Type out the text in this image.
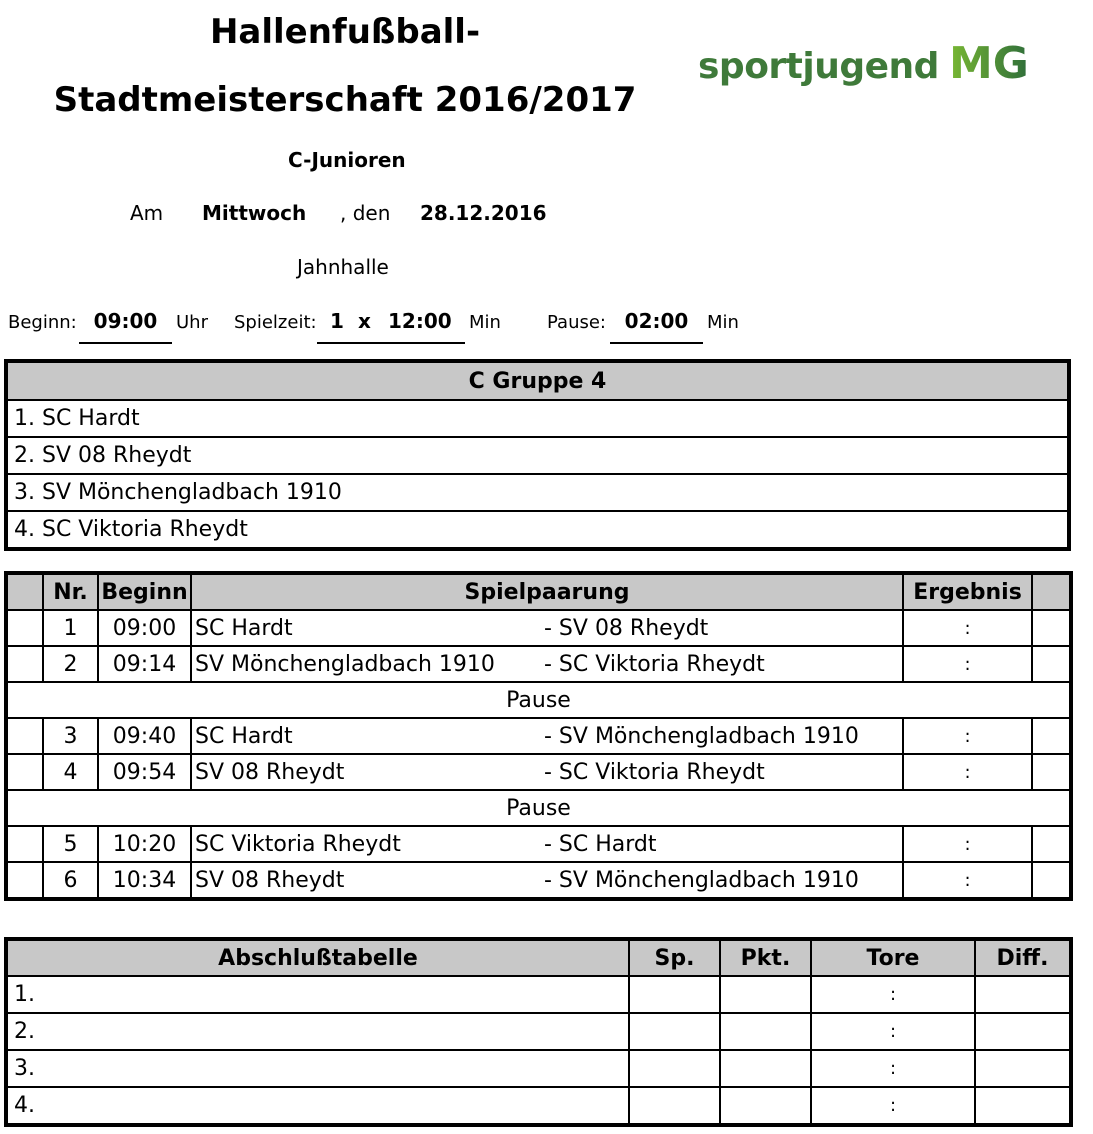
Hallenfußball-
Stadtmeisterschaft 2016/2017
sportjugend MG
C-Junioren
Am Mittwoch , den 28.12.2016
Jahnhalle
Beginn: 09:00	Uhr Spielzeit: 1 x 12:00 Min	Pause: 02:00	Min
C Gruppe 4
1. SC Hardt
2. SV 08 Rheydt
3. SV Mönchengladbach 1910
4. SC Viktoria Rheydt
	Nr.	Beginn	Spielpaarung	Ergebnis	
	1	09:00	SC Hardt - SV 08 Rheydt	:	
	2	09:14	SV Mönchengladbach 1910 - SC Viktoria Rheydt	:	
Pause					
	3	09:40	SC Hardt - SV Mönchengladbach 1910	:	
	4	09:54	SV 08 Rheydt - SC Viktoria Rheydt	:	
Pause					
	5	10:20	SC Viktoria Rheydt - SC Hardt	:	
	6	10:34	SV 08 Rheydt - SV Mönchengladbach 1910	:	
Abschlußtabelle	Sp.	Pkt.	Tore	Diff.
1.			:	
2.			:	
3.			:	
4.			:	
